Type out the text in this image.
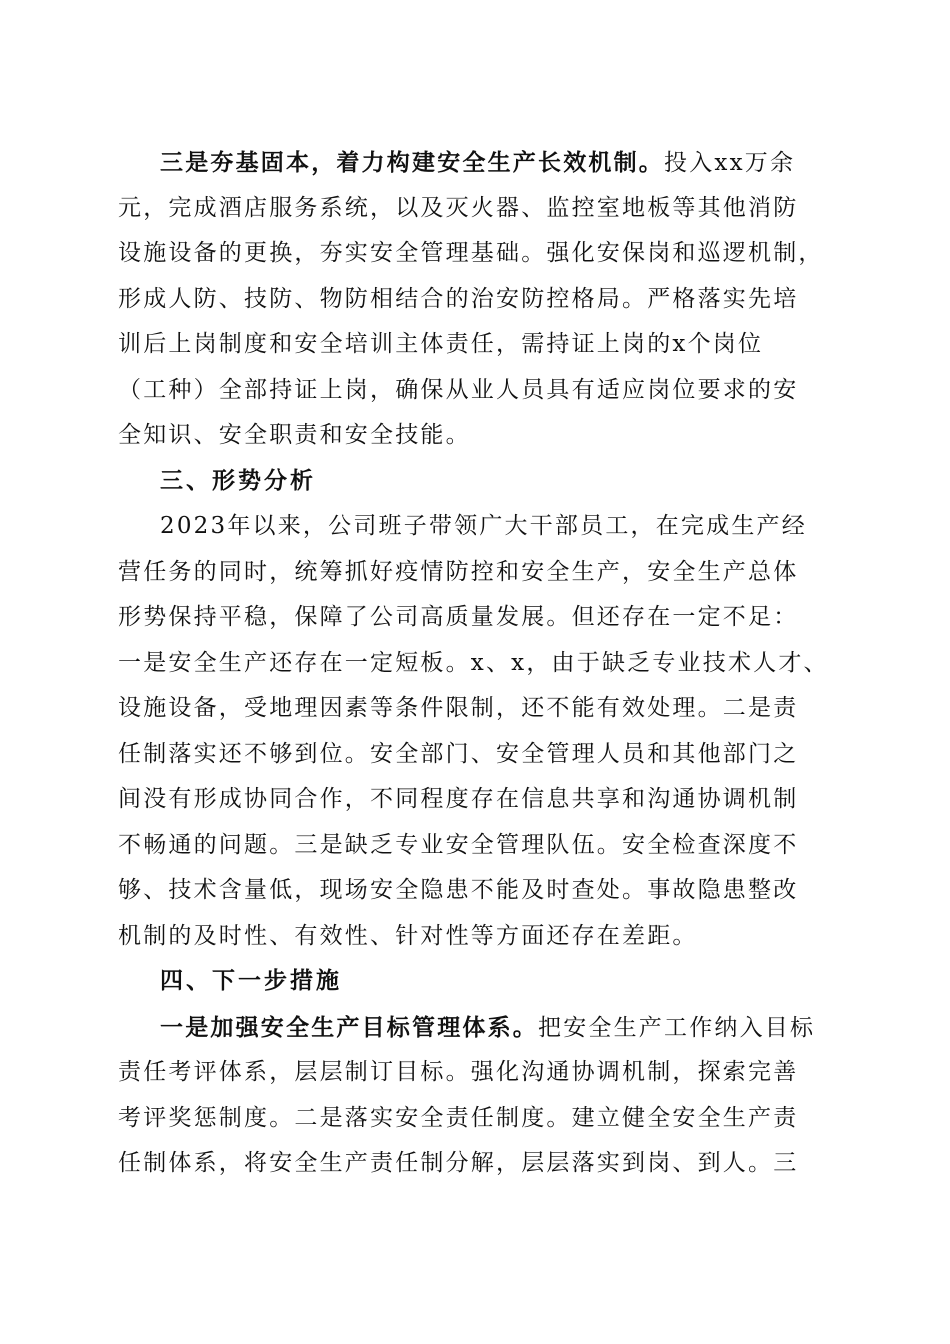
三是夯基固本，着力构建安全生产长效机制。投入xx万余
元，完成酒店服务系统，以及灭火器、监控室地板等其他消防
设施设备的更换，夯实安全管理基础。强化安保岗和巡逻机制，
形成人防、技防、物防相结合的治安防控格局。严格落实先培
训后上岗制度和安全培训主体责任，需持证上岗的x个岗位
（工种）全部持证上岗，确保从业人员具有适应岗位要求的安
全知识、安全职责和安全技能。
三、形势分析
2023年以来，公司班子带领广大干部员工，在完成生产经
营任务的同时，统筹抓好疫情防控和安全生产，安全生产总体
形势保持平稳，保障了公司高质量发展。但还存在一定不足：
一是安全生产还存在一定短板。x、x，由于缺乏专业技术人才、
设施设备，受地理因素等条件限制，还不能有效处理。二是责
任制落实还不够到位。安全部门、安全管理人员和其他部门之
间没有形成协同合作，不同程度存在信息共享和沟通协调机制
不畅通的问题。三是缺乏专业安全管理队伍。安全检查深度不
够、技术含量低，现场安全隐患不能及时查处。事故隐患整改
机制的及时性、有效性、针对性等方面还存在差距。
四、下一步措施
一是加强安全生产目标管理体系。把安全生产工作纳入目标
责任考评体系，层层制订目标。强化沟通协调机制，探索完善
考评奖惩制度。二是落实安全责任制度。建立健全安全生产责
任制体系，将安全生产责任制分解，层层落实到岗、到人。三
